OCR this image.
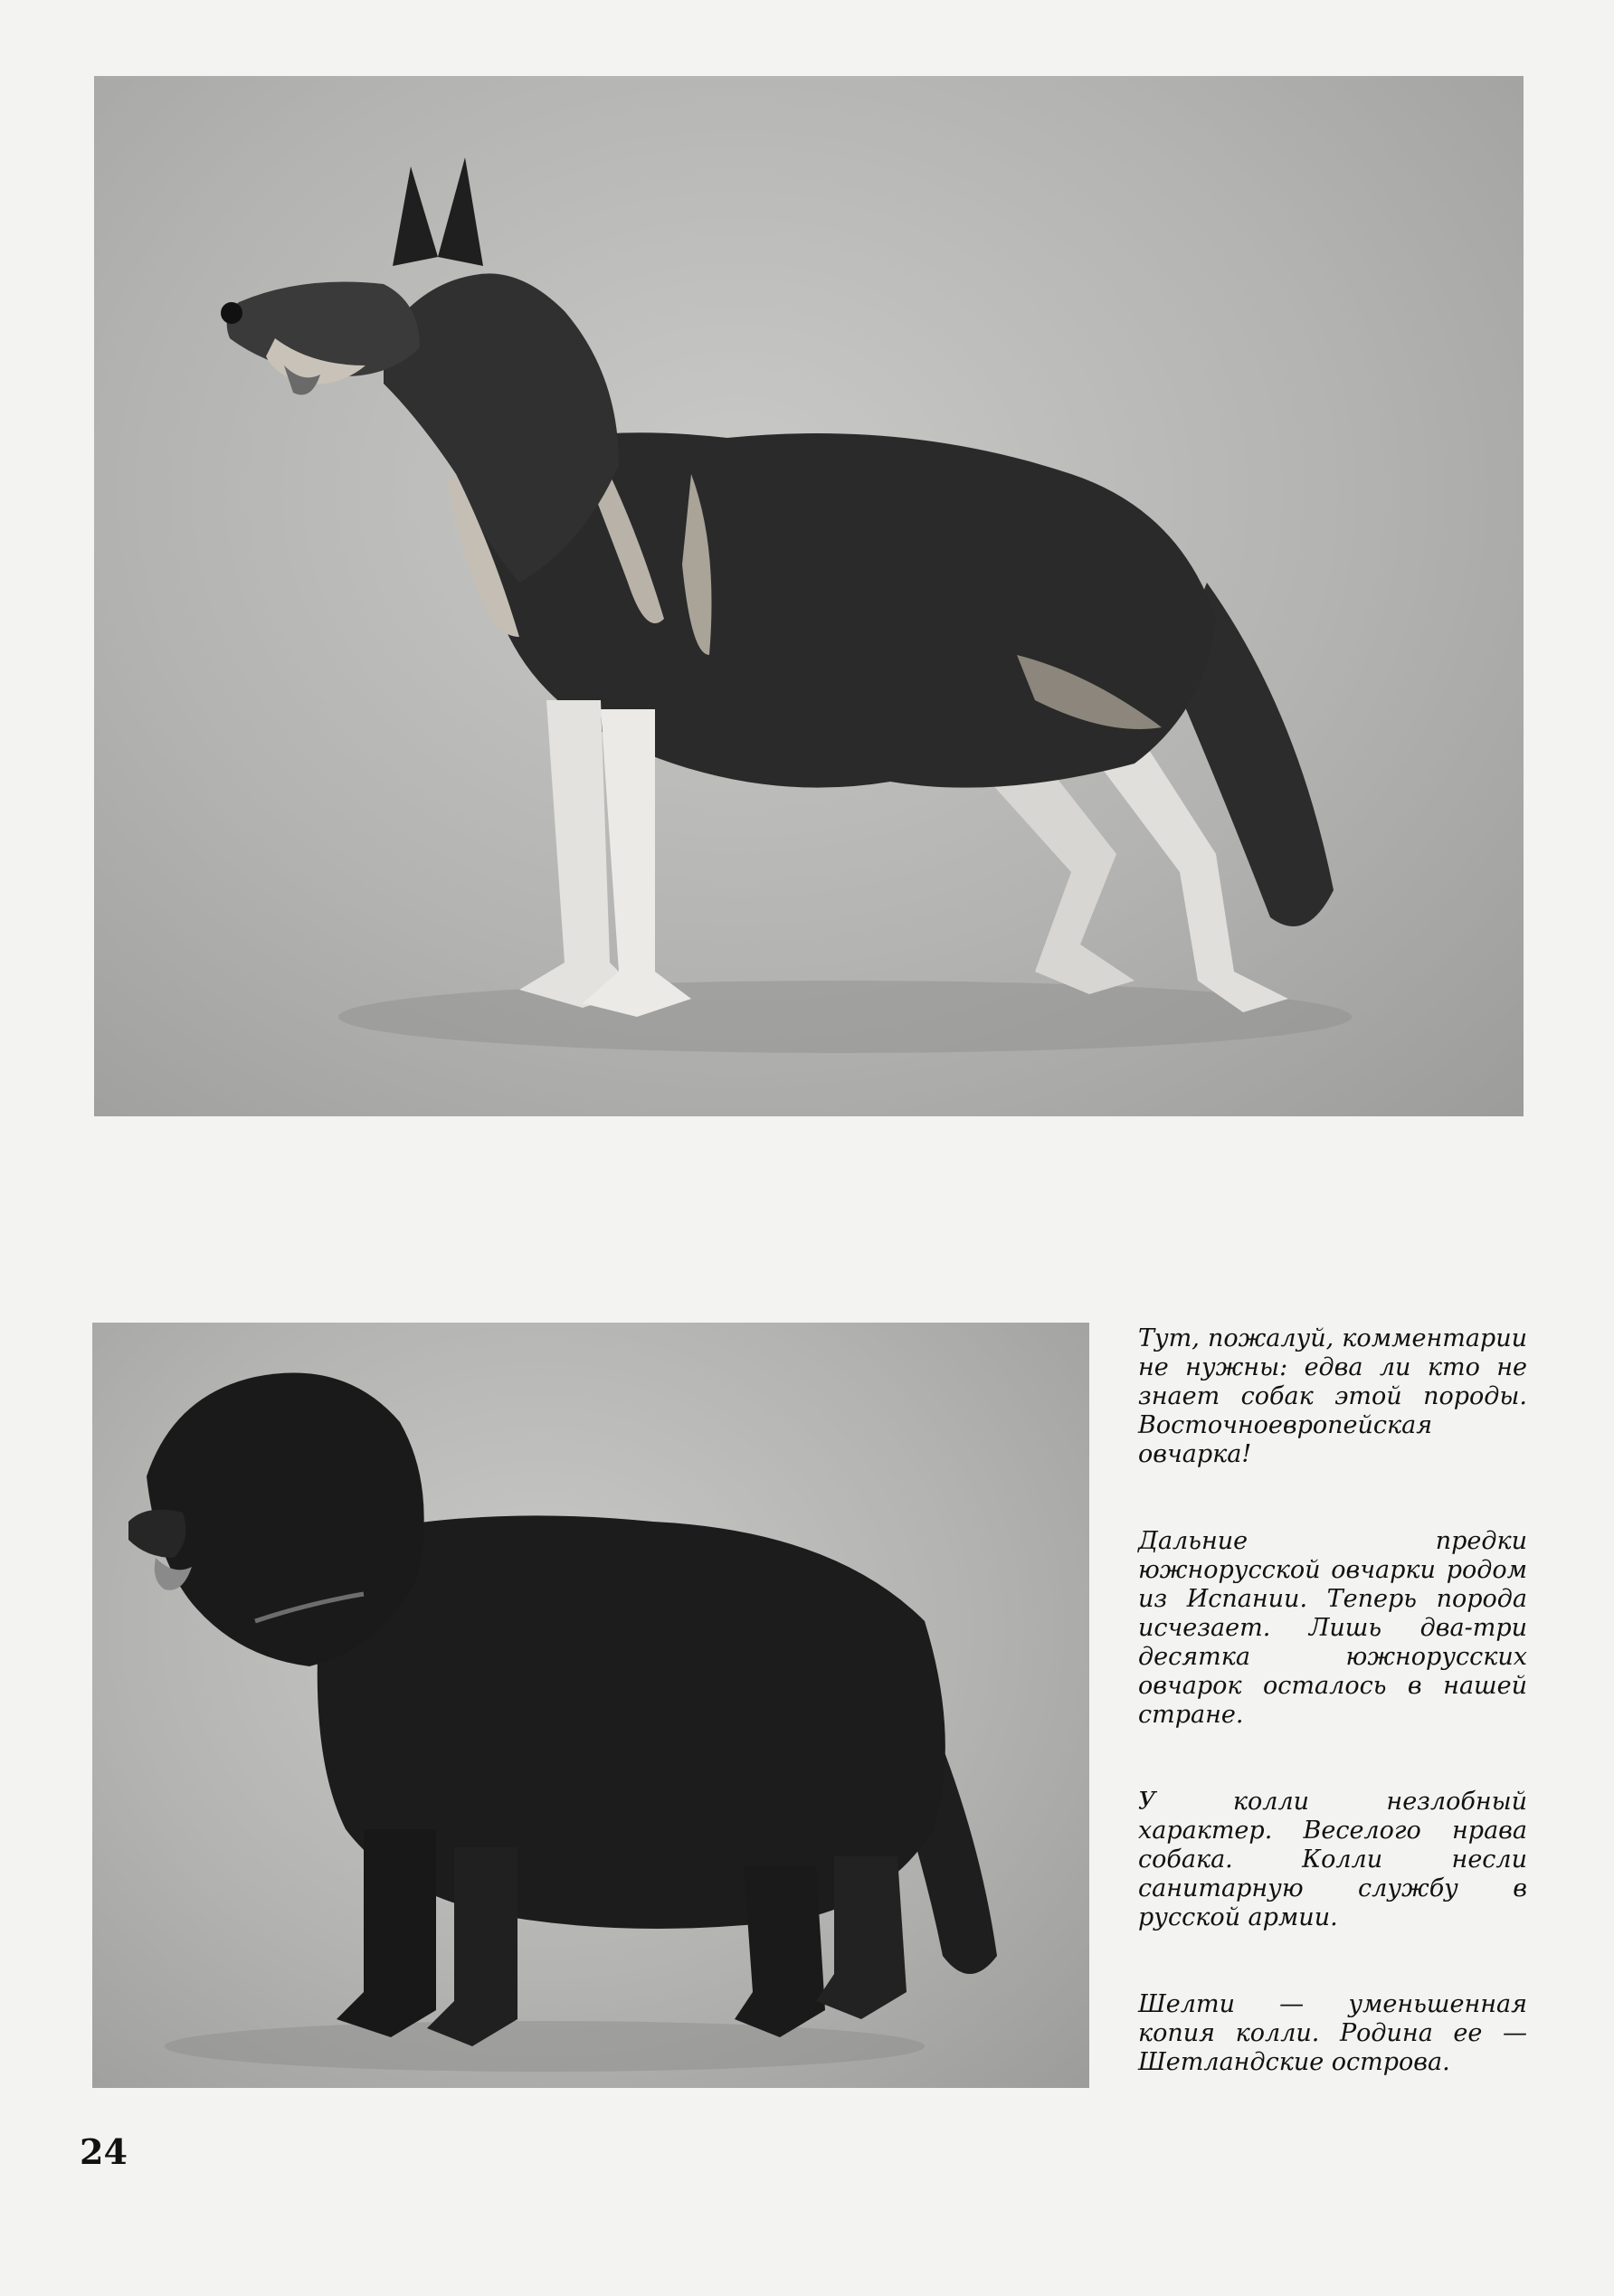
Тут, пожалуй, комментарии не нужны: едва ли кто не знает собак этой породы. Восточноевропейская овчарка!

Дальние предки южнорусской овчарки родом из Испании. Теперь порода исчезает. Лишь два-три десятка южнорусских овчарок осталось в нашей стране.

У колли незлобный характер. Веселого нрава собака. Колли несли санитарную службу в русской армии.

Шелти — уменьшенная копия колли. Родина ее — Шетландские острова.

24
